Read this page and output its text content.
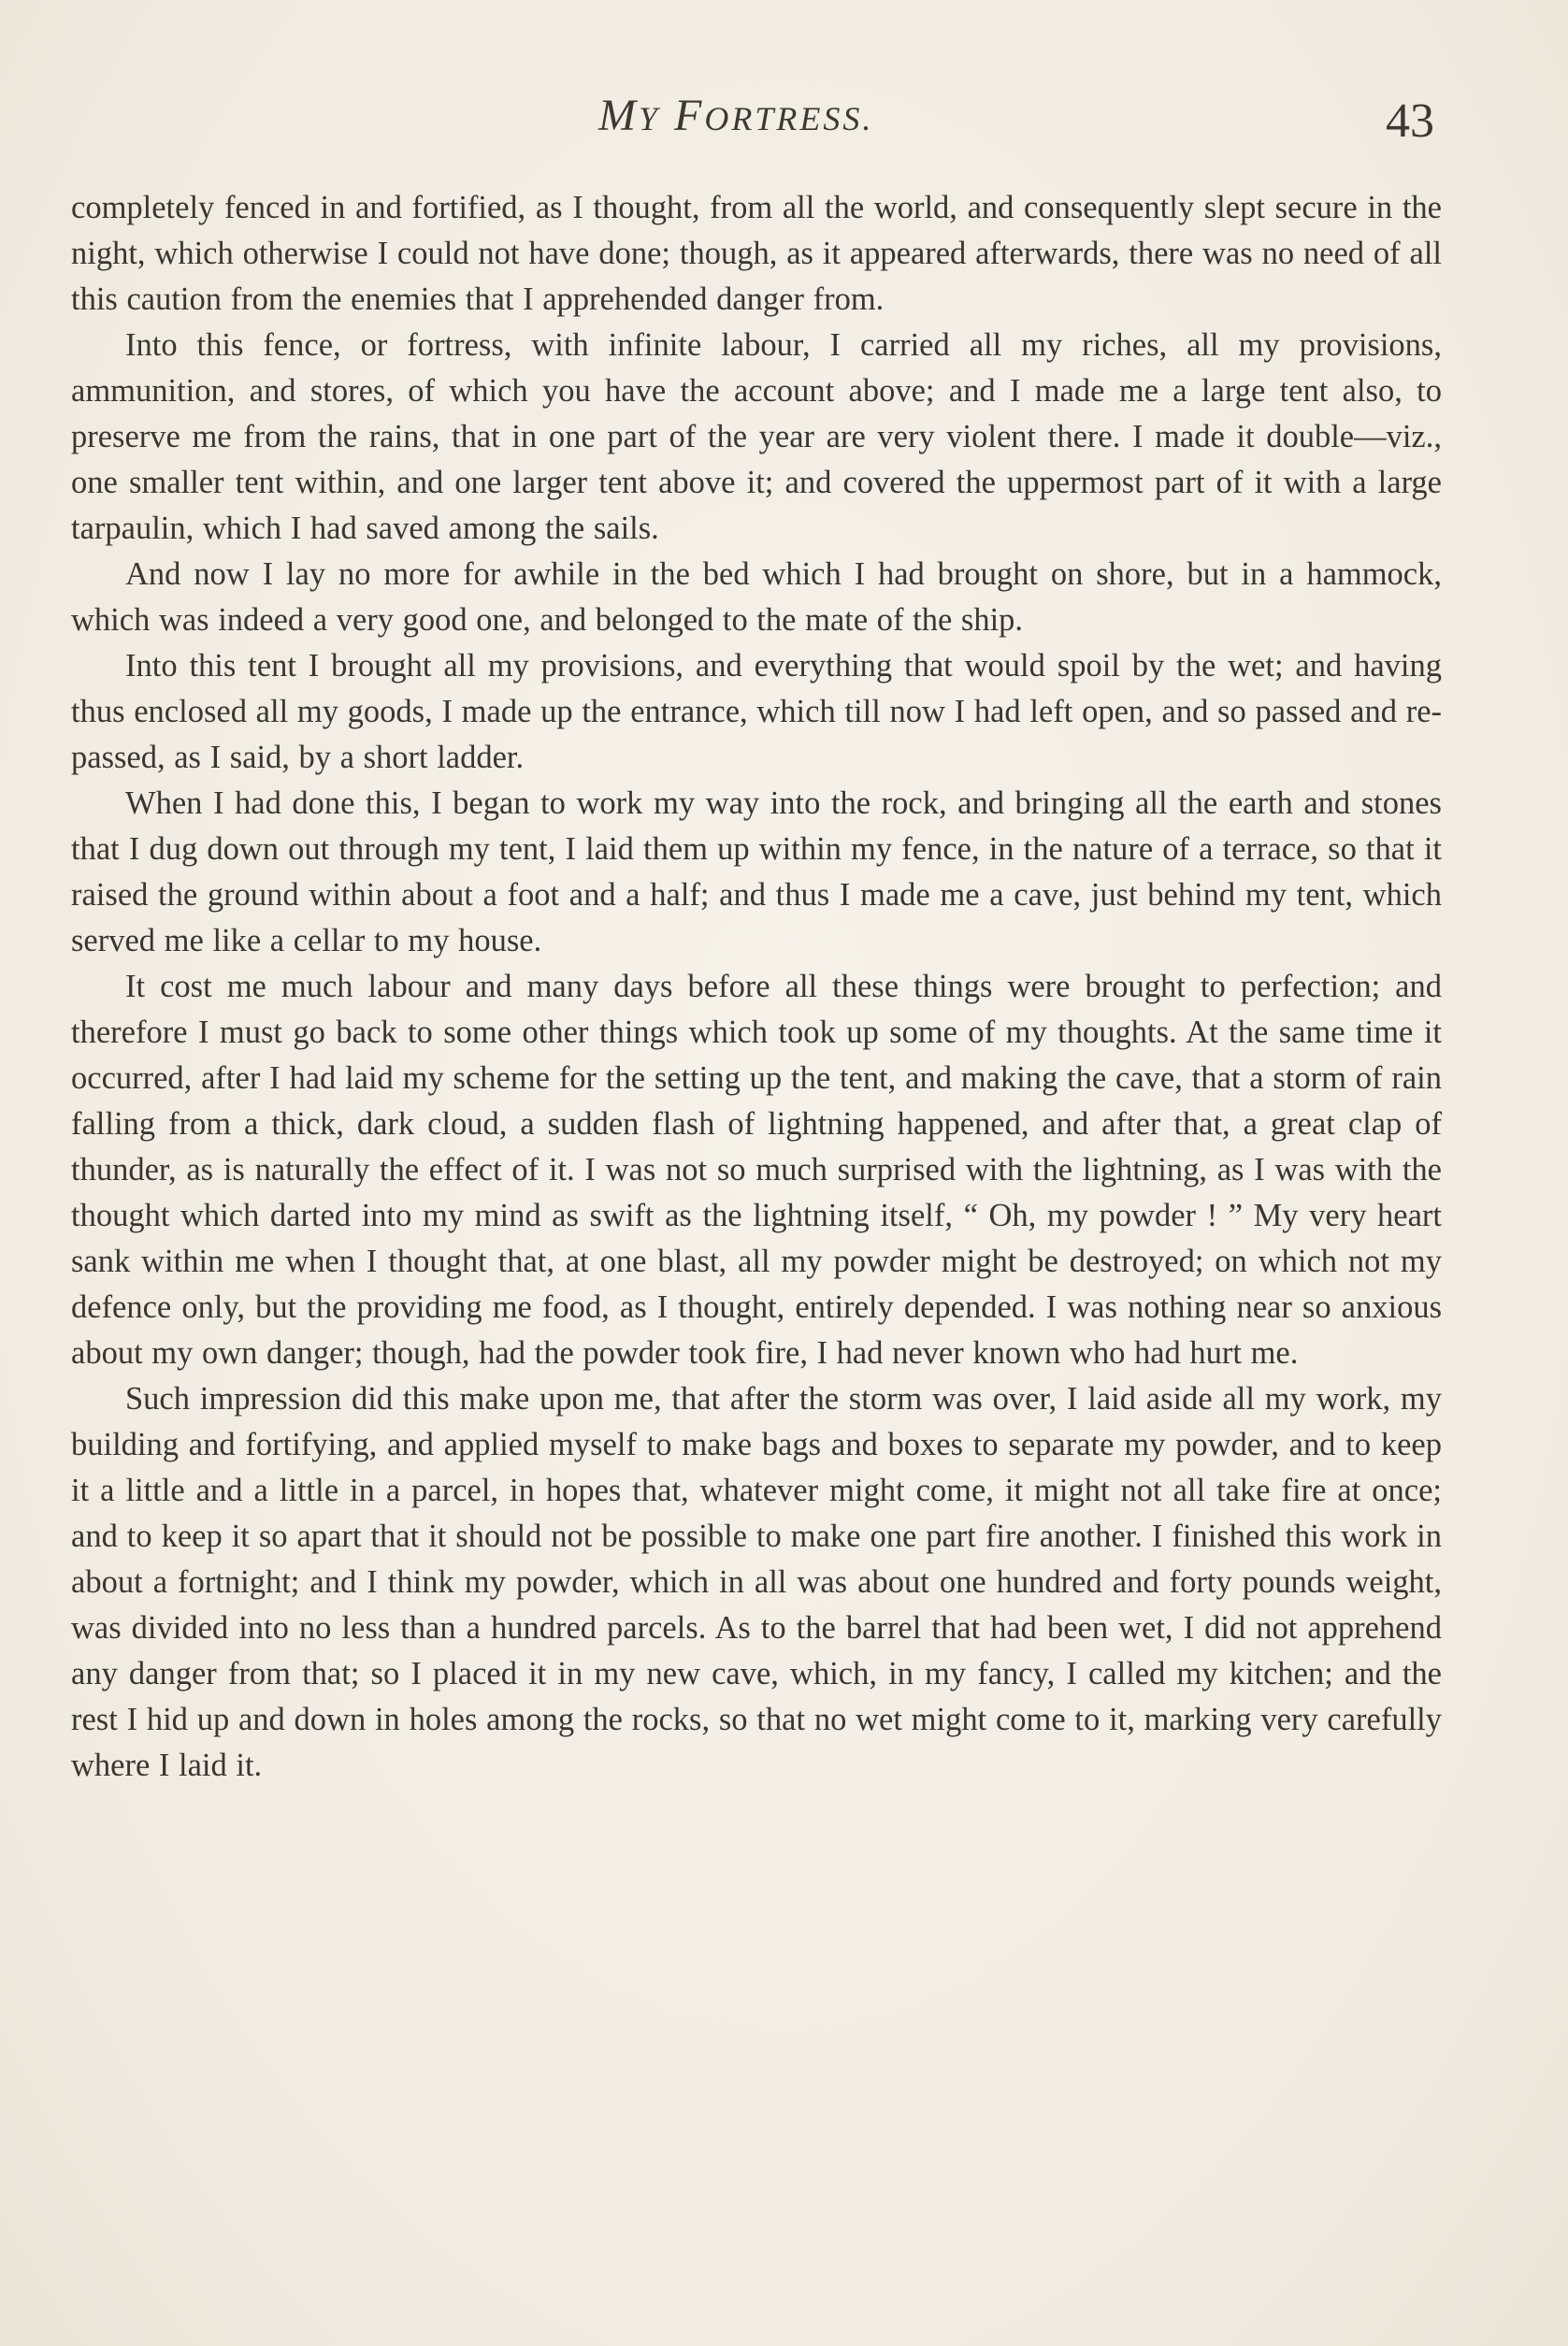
MY FORTRESS.	43

completely fenced in and fortified, as I thought, from all the world, and consequently slept secure in the night, which otherwise I could not have done; though, as it appeared afterwards, there was no need of all this caution from the enemies that I apprehended danger from.

Into this fence, or fortress, with infinite labour, I carried all my riches, all my provisions, ammunition, and stores, of which you have the account above; and I made me a large tent also, to preserve me from the rains, that in one part of the year are very violent there. I made it double—viz., one smaller tent within, and one larger tent above it; and covered the uppermost part of it with a large tarpaulin, which I had saved among the sails.

And now I lay no more for awhile in the bed which I had brought on shore, but in a hammock, which was indeed a very good one, and belonged to the mate of the ship.

Into this tent I brought all my provisions, and everything that would spoil by the wet; and having thus enclosed all my goods, I made up the entrance, which till now I had left open, and so passed and re-passed, as I said, by a short ladder.

When I had done this, I began to work my way into the rock, and bringing all the earth and stones that I dug down out through my tent, I laid them up within my fence, in the nature of a terrace, so that it raised the ground within about a foot and a half; and thus I made me a cave, just behind my tent, which served me like a cellar to my house.

It cost me much labour and many days before all these things were brought to perfection; and therefore I must go back to some other things which took up some of my thoughts. At the same time it occurred, after I had laid my scheme for the setting up the tent, and making the cave, that a storm of rain falling from a thick, dark cloud, a sudden flash of lightning happened, and after that, a great clap of thunder, as is naturally the effect of it. I was not so much surprised with the lightning, as I was with the thought which darted into my mind as swift as the lightning itself, “ Oh, my powder ! ” My very heart sank within me when I thought that, at one blast, all my powder might be destroyed; on which not my defence only, but the providing me food, as I thought, entirely depended. I was nothing near so anxious about my own danger; though, had the powder took fire, I had never known who had hurt me.

Such impression did this make upon me, that after the storm was over, I laid aside all my work, my building and fortifying, and applied myself to make bags and boxes to separate my powder, and to keep it a little and a little in a parcel, in hopes that, whatever might come, it might not all take fire at once; and to keep it so apart that it should not be possible to make one part fire another. I finished this work in about a fortnight; and I think my powder, which in all was about one hundred and forty pounds weight, was divided into no less than a hundred parcels. As to the barrel that had been wet, I did not apprehend any danger from that; so I placed it in my new cave, which, in my fancy, I called my kitchen; and the rest I hid up and down in holes among the rocks, so that no wet might come to it, marking very carefully where I laid it.
